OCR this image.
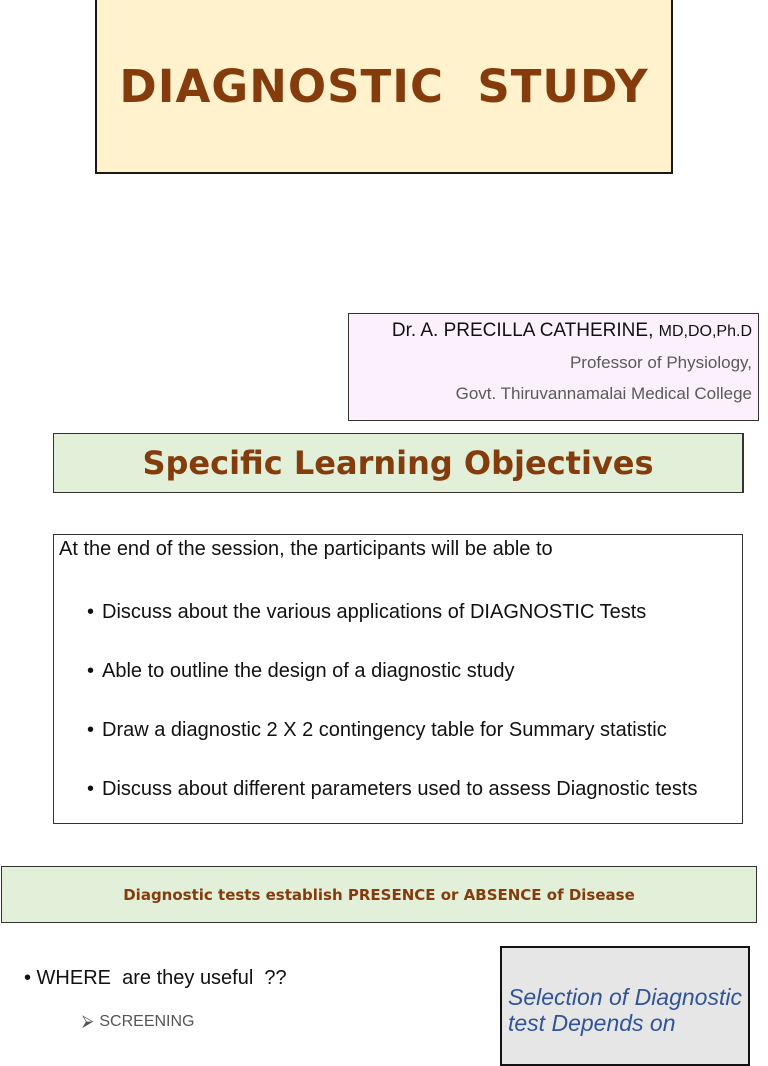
DIAGNOSTIC  STUDY
Dr. A. PRECILLA CATHERINE, MD,DO,Ph.D
Professor of Physiology,
Govt. Thiruvannamalai Medical College
Specific Learning Objectives
At the end of the session, the participants will be able to
• Discuss about the various applications of DIAGNOSTIC Tests
• Able to outline the design of a diagnostic study
• Draw a diagnostic 2 X 2 contingency table for Summary statistic
• Discuss about different parameters used to assess Diagnostic tests
Diagnostic tests establish PRESENCE or ABSENCE of Disease
• WHERE  are they useful  ??
⮚ SCREENING
Selection of Diagnostic test Depends on
